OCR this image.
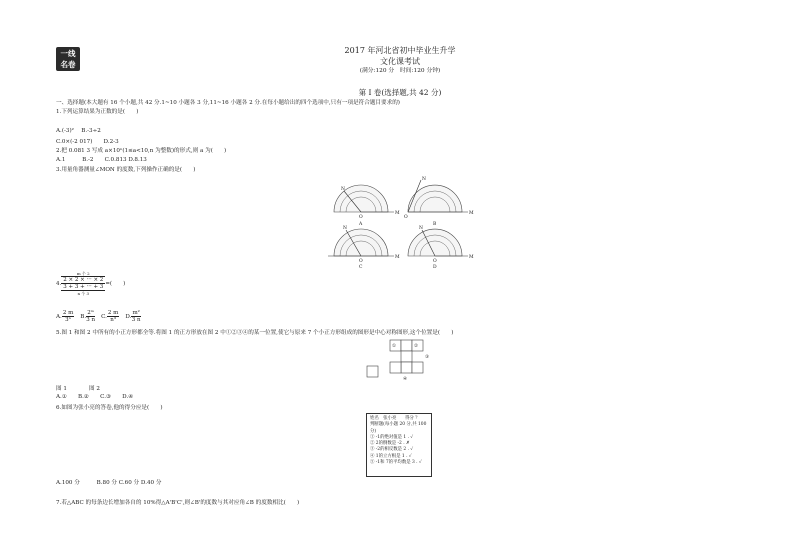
一线
名卷
2017 年河北省初中毕业生升学
文化课考试
(满分:120 分　时间:120 分钟)
第 I 卷(选择题,共 42 分)
一、选择题(本大题有 16 个小题,共 42 分.1~10 小题各 3 分,11~16 小题各 2 分.在每小题给出的四个选项中,只有一项是符合题目要求的)
1.下列运算结果为正数的是(　　)
A.(-3)² 　B.-3÷2
C.0×(-2 017)　　D.2-3
2.把 0.081 3 写成 a×10ⁿ(1≤a<10,n 为整数)的形式,则 a 为(　　)
A.1　　　B.-2　　C.0.813 D.8.13
3.用量角器测量∠MON 的度数,下列操作正确的是(　　)
O
M
N
A
O
M
N
B
O
M
N
C
O
M
N
D
4.
m 个 2
2 × 2 × ··· × 2
3 + 3 + ··· + 3
n 个 3
=(　　)
A. $\frac{2 m}{\text{3ⁿ}} B$. $\frac{\text{2ᵐ}}{3 n} C$. $\frac{2 m}{\text{n³}} D$. $\frac{\text{m²}}{3 n}$
5.图 1 和图 2 中所有的小正方形都全等.将图 1 的正方形放在图 2 中①②③④的某一位置,使它与原来 7 个小正方形组成的图形是中心对称图形,这个位置是(　　)
①	②
③
④
图 1	图 2
A.①　　B.②　　C.③　　D.④
6.如图为张小亮的答卷,他的得分应是(　　)
姓名　张小亮　　得分 ？
判断题(每小题 20 分,共 100 分)
① -1的绝对值是 1 . ✓
② 2的倒数是 -2 . ✗
③ -2的相反数是 2 . ✓
④ 1的立方根是 1 . ✓
⑤ -1和 7的平均数是 3 . ✓
A.100 分　　　B.80 分 C.60 分 D.40 分
7.若△ABC 的每条边长增加各自的 10%得△A'B'C',则∠B'的度数与其对应角∠B 的度数相比(　　)
